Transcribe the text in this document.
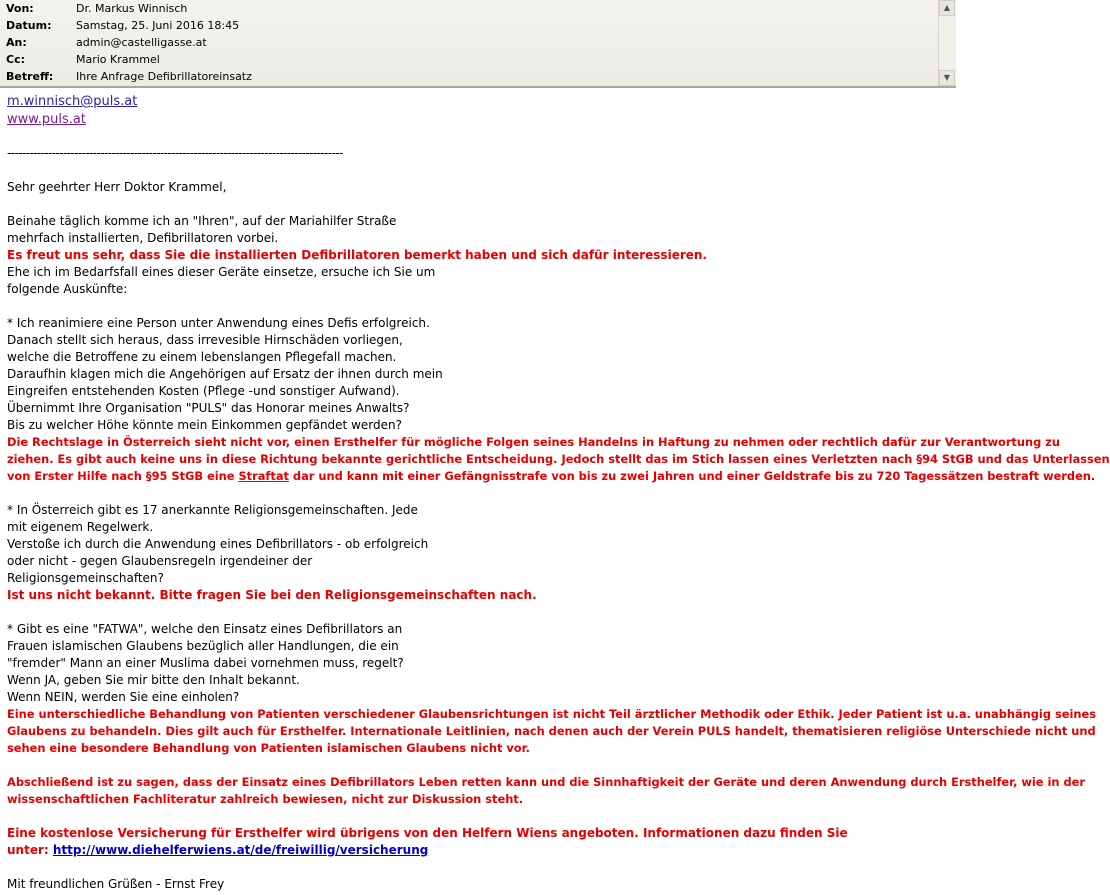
Von:	Dr. Markus Winnisch
Datum: Samstag, 25. Juni 2016 18:45
An:	admin@castelligasse.at
Cc:	Mario Krammel
Betreff: Ihre Anfrage Defibrillatoreinsatz
▲
▼
m.winnisch@puls.at
www.puls.at
------------------------------------------------------------------------------------------
Sehr geehrter Herr Doktor Krammel,
Beinahe täglich komme ich an "Ihren", auf der Mariahilfer Straße
mehrfach installierten, Defibrillatoren vorbei.
Es freut uns sehr, dass Sie die installierten Defibrillatoren bemerkt haben und sich dafür interessieren.
Ehe ich im Bedarfsfall eines dieser Geräte einsetze, ersuche ich Sie um
folgende Auskünfte:
* Ich reanimiere eine Person unter Anwendung eines Defis erfolgreich.
Danach stellt sich heraus, dass irrevesible Hirnschäden vorliegen,
welche die Betroffene zu einem lebenslangen Pflegefall machen.
Daraufhin klagen mich die Angehörigen auf Ersatz der ihnen durch mein
Eingreifen entstehenden Kosten (Pflege -und sonstiger Aufwand).
Übernimmt Ihre Organisation "PULS" das Honorar meines Anwalts?
Bis zu welcher Höhe könnte mein Einkommen gepfändet werden?
Die Rechtslage in Österreich sieht nicht vor, einen Ersthelfer für mögliche Folgen seines Handelns in Haftung zu nehmen oder rechtlich dafür zur Verantwortung zu
ziehen. Es gibt auch keine uns in diese Richtung bekannte gerichtliche Entscheidung. Jedoch stellt das im Stich lassen eines Verletzten nach §94 StGB und das Unterlassen
von Erster Hilfe nach §95 StGB eine Straftat dar und kann mit einer Gefängnisstrafe von bis zu zwei Jahren und einer Geldstrafe bis zu 720 Tagessätzen bestraft werden.
* In Österreich gibt es 17 anerkannte Religionsgemeinschaften. Jede
mit eigenem Regelwerk.
Verstoße ich durch die Anwendung eines Defibrillators - ob erfolgreich
oder nicht - gegen Glaubensregeln irgendeiner der
Religionsgemeinschaften?
Ist uns nicht bekannt. Bitte fragen Sie bei den Religionsgemeinschaften nach.
* Gibt es eine "FATWA", welche den Einsatz eines Defibrillators an
Frauen islamischen Glaubens bezüglich aller Handlungen, die ein
"fremder" Mann an einer Muslima dabei vornehmen muss, regelt?
Wenn JA, geben Sie mir bitte den Inhalt bekannt.
Wenn NEIN, werden Sie eine einholen?
Eine unterschiedliche Behandlung von Patienten verschiedener Glaubensrichtungen ist nicht Teil ärztlicher Methodik oder Ethik. Jeder Patient ist u.a. unabhängig seines
Glaubens zu behandeln. Dies gilt auch für Ersthelfer. Internationale Leitlinien, nach denen auch der Verein PULS handelt, thematisieren religiöse Unterschiede nicht und
sehen eine besondere Behandlung von Patienten islamischen Glaubens nicht vor.
Abschließend ist zu sagen, dass der Einsatz eines Defibrillators Leben retten kann und die Sinnhaftigkeit der Geräte und deren Anwendung durch Ersthelfer, wie in der
wissenschaftlichen Fachliteratur zahlreich bewiesen, nicht zur Diskussion steht.
Eine kostenlose Versicherung für Ersthelfer wird übrigens von den Helfern Wiens angeboten. Informationen dazu finden Sie
unter: http://www.diehelferwiens.at/de/freiwillig/versicherung
Mit freundlichen Grüßen - Ernst Frey
